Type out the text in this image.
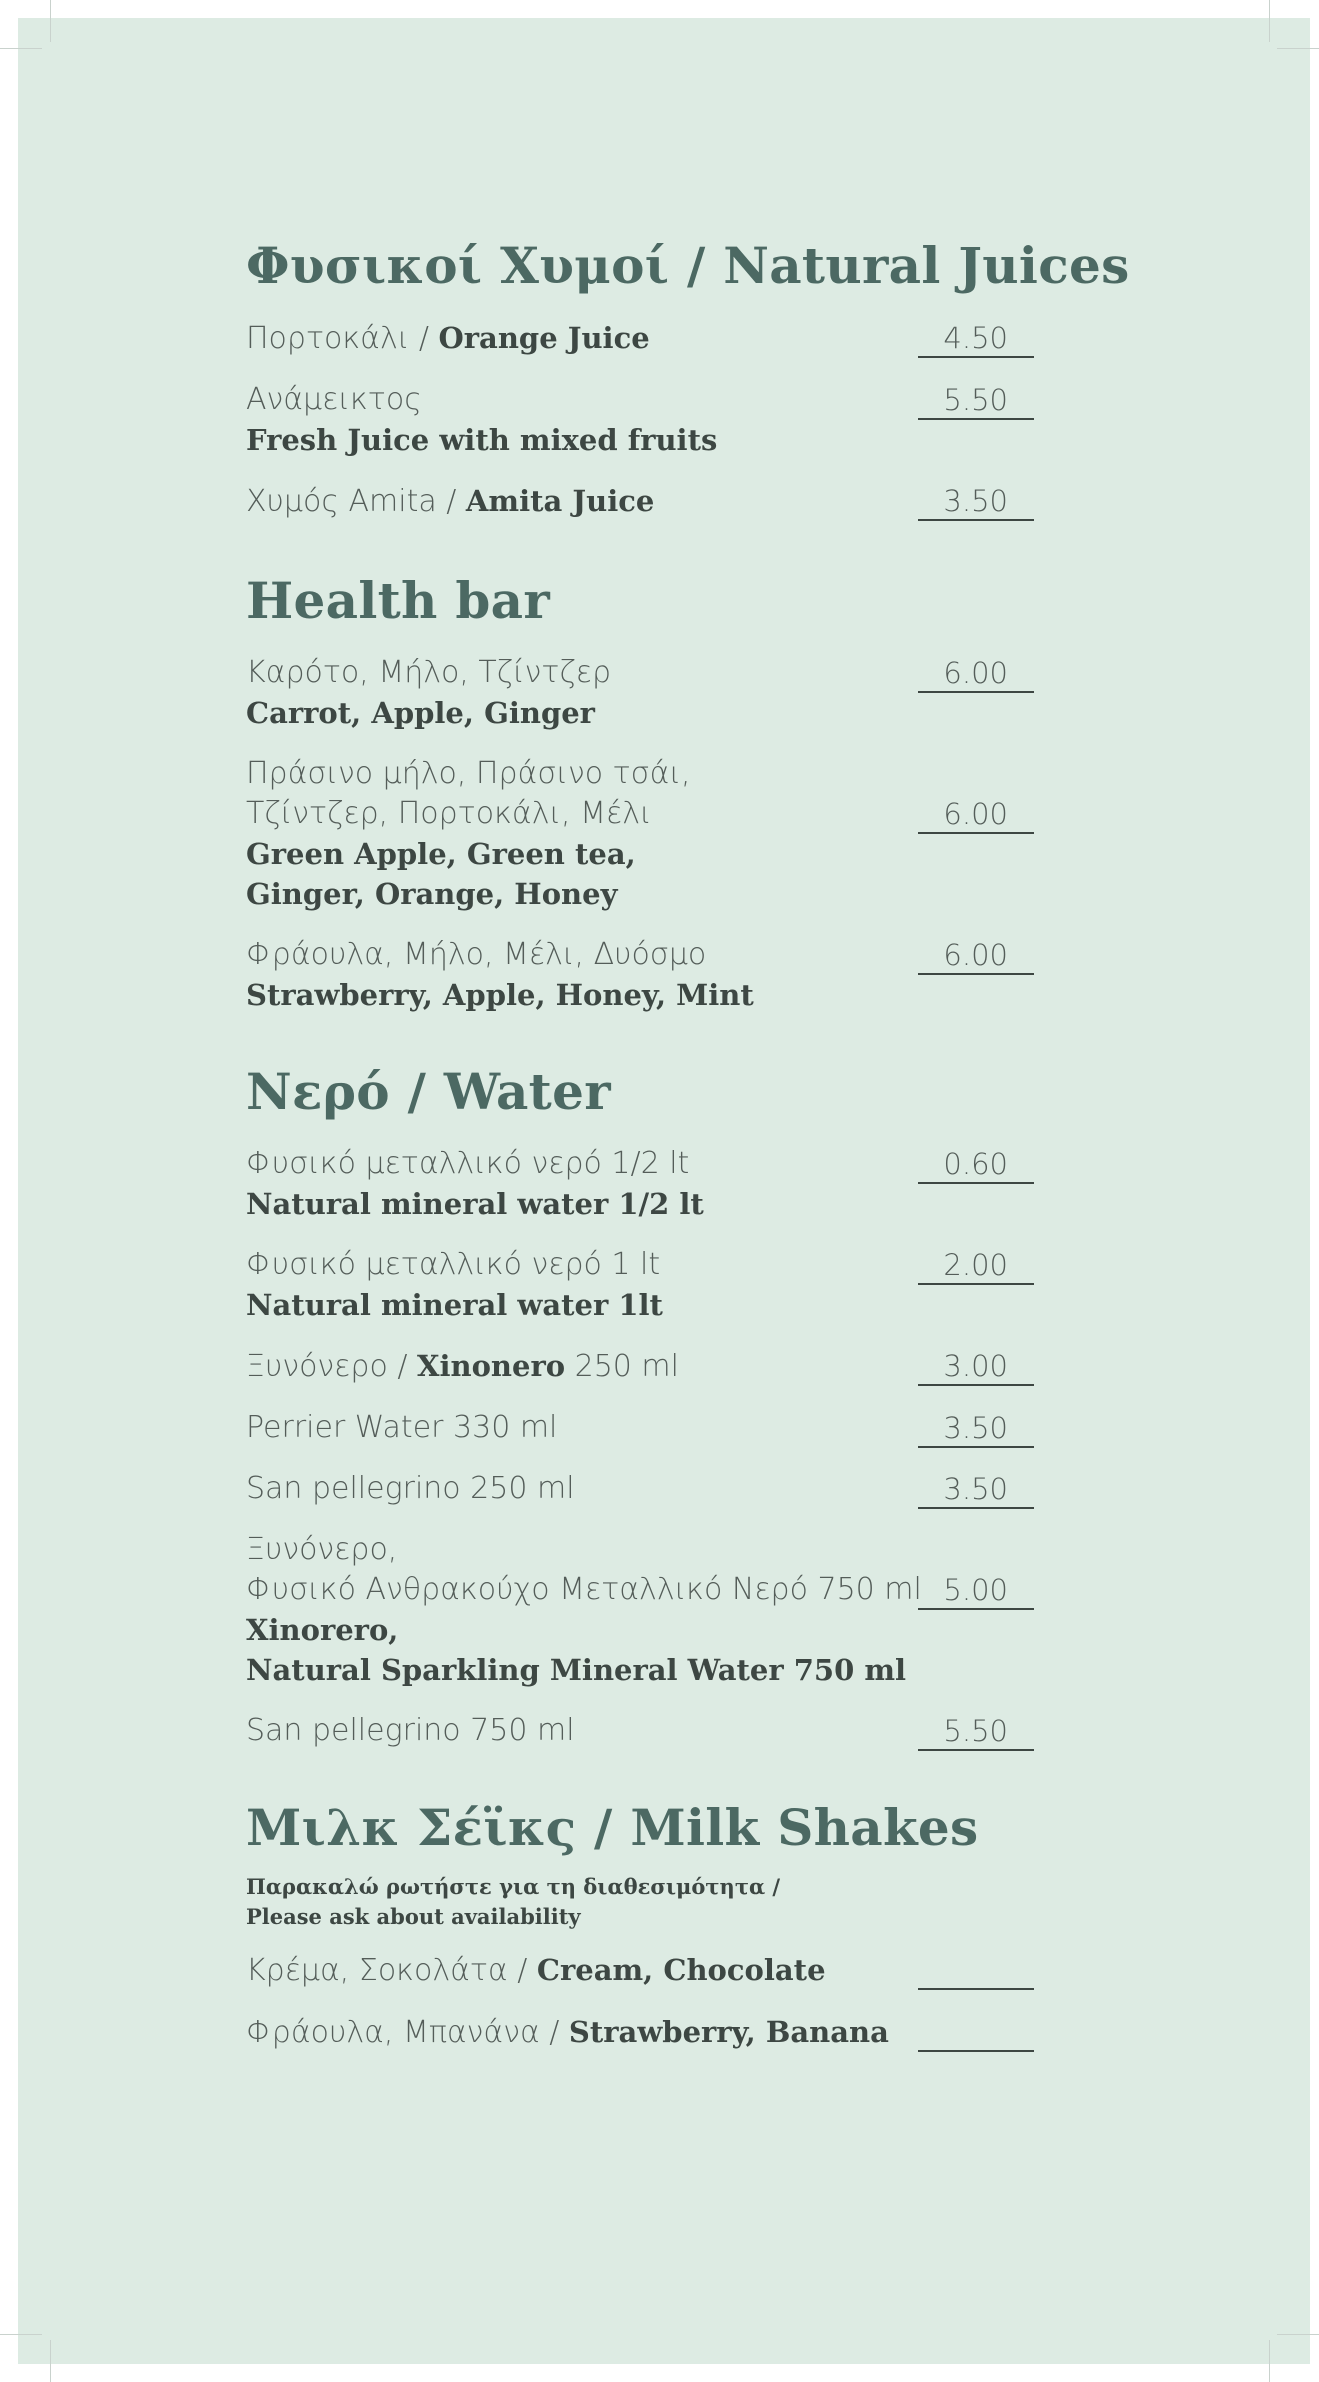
Φυσικοί Χυμοί / Natural Juices
4.50
Πορτοκάλι / Orange Juice
5.50
Ανάμεικτος
Fresh Juice with mixed fruits
3.50
Χυμός Amita / Amita Juice
Health bar
6.00
Καρότο, Μήλο, Τζίντζερ
Carrot, Apple, Ginger
6.00
Πράσινο μήλο, Πράσινο τσάι,
Τζίντζερ, Πορτοκάλι, Μέλι
Green Apple, Green tea,
Ginger, Orange, Honey
6.00
Φράουλα, Μήλο, Μέλι, Δυόσμο
Strawberry, Apple, Honey, Mint
Νερό / Water
0.60
Φυσικό μεταλλικό νερό 1/2 lt
Natural mineral water 1/2 lt
2.00
Φυσικό μεταλλικό νερό 1 lt
Natural mineral water 1lt
3.00
Ξυνόνερο / Xinonero 250 ml
3.50
Perrier Water 330 ml
3.50
San pellegrino 250 ml
5.00
Ξυνόνερο,
Φυσικό Ανθρακούχο Μεταλλικό Νερό 750 ml
Xinorero,
Natural Sparkling Mineral Water 750 ml
5.50
San pellegrino 750 ml
Μιλκ Σέϊκς / Milk Shakes
Παρακαλώ ρωτήστε για τη διαθεσιμότητα /
Please ask about availability
Κρέμα, Σοκολάτα / Cream, Chocolate
Φράουλα, Μπανάνα / Strawberry, Banana
